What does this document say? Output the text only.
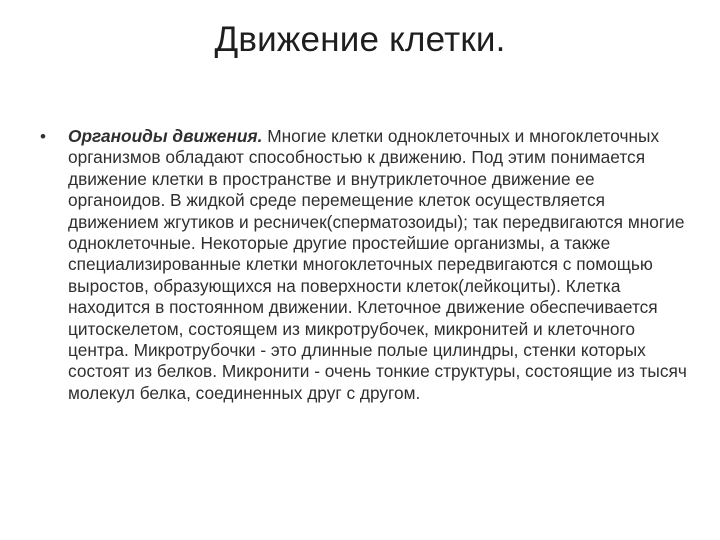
Движение клетки.
• Органоиды движения. Многие клетки одноклеточных и многоклеточных организмов обладают способностью к движению. Под этим понимается движение клетки в пространстве и внутриклеточное движение ее органоидов. В жидкой среде перемещение клеток осуществляется движением жгутиков и ресничек(сперматозоиды); так передвигаются многие одноклеточные. Некоторые другие простейшие организмы, а также специализированные клетки многоклеточных передвигаются с помощью выростов, образующихся на поверхности клеток(лейкоциты). Клетка находится в постоянном движении. Клеточное движение обеспечивается цитоскелетом, состоящем из микротрубочек, микронитей и клеточного центра. Микротрубочки - это длинные полые цилиндры, стенки которых состоят из белков. Микронити - очень тонкие структуры, состоящие из тысяч молекул белка, соединенных друг с другом.
